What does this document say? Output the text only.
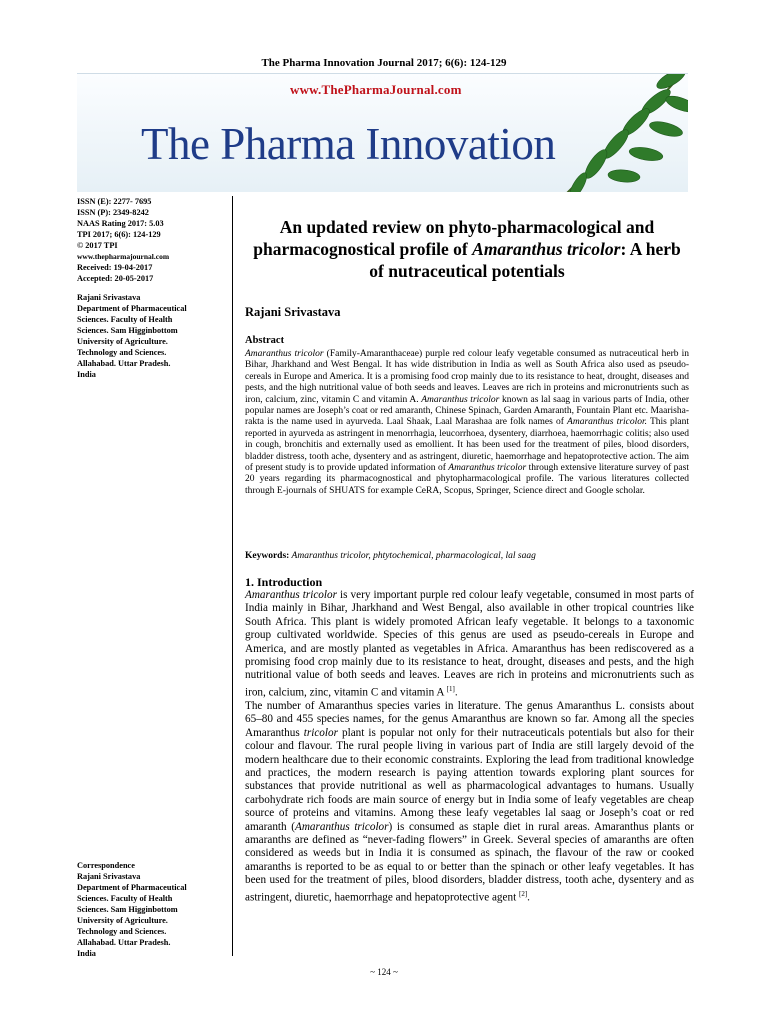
The Pharma Innovation Journal 2017; 6(6): 124-129
www.ThePharmaJournal.com
The Pharma Innovation
ISSN (E): 2277- 7695
ISSN (P): 2349-8242
NAAS Rating 2017: 5.03
TPI 2017; 6(6): 124-129
© 2017 TPI
www.thepharmajournal.com
Received: 19-04-2017
Accepted: 20-05-2017
Rajani Srivastava
Department of Pharmaceutical
Sciences. Faculty of Health
Sciences. Sam Higginbottom
University of Agriculture.
Technology and Sciences.
Allahabad. Uttar Pradesh.
India
Correspondence
Rajani Srivastava
Department of Pharmaceutical
Sciences. Faculty of Health
Sciences. Sam Higginbottom
University of Agriculture.
Technology and Sciences.
Allahabad. Uttar Pradesh.
India
An updated review on phyto-pharmacological and pharmacognostical profile of Amaranthus tricolor: A herb of nutraceutical potentials
Rajani Srivastava
Abstract
Amaranthus tricolor (Family-Amaranthaceae) purple red colour leafy vegetable consumed as nutraceutical herb in Bihar, Jharkhand and West Bengal. It has wide distribution in India as well as South Africa also used as pseudo-cereals in Europe and America. It is a promising food crop mainly due to its resistance to heat, drought, diseases and pests, and the high nutritional value of both seeds and leaves. Leaves are rich in proteins and micronutrients such as iron, calcium, zinc, vitamin C and vitamin A. Amaranthus tricolor known as lal saag in various parts of India, other popular names are Joseph’s coat or red amaranth, Chinese Spinach, Garden Amaranth, Fountain Plant etc. Maarisha-rakta is the name used in ayurveda. Laal Shaak, Laal Marashaa are folk names of Amaranthus tricolor. This plant reported in ayurveda as astringent in menorrhagia, leucorrhoea, dysentery, diarrhoea, haemorrhagic colitis; also used in cough, bronchitis and externally used as emollient. It has been used for the treatment of piles, blood disorders, bladder distress, tooth ache, dysentery and as astringent, diuretic, haemorrhage and hepatoprotective action. The aim of present study is to provide updated information of Amaranthus tricolor through extensive literature survey of past 20 years regarding its pharmacognostical and phytopharmacological profile. The various literatures collected through E-journals of SHUATS for example CeRA, Scopus, Springer, Science direct and Google scholar.
Keywords: Amaranthus tricolor, phtytochemical, pharmacological, lal saag
1. Introduction

Amaranthus tricolor is very important purple red colour leafy vegetable, consumed in most parts of India mainly in Bihar, Jharkhand and West Bengal, also available in other tropical countries like South Africa. This plant is widely promoted African leafy vegetable. It belongs to a taxonomic group cultivated worldwide. Species of this genus are used as pseudo-cereals in Europe and America, and are mostly planted as vegetables in Africa. Amaranthus has been rediscovered as a promising food crop mainly due to its resistance to heat, drought, diseases and pests, and the high nutritional value of both seeds and leaves. Leaves are rich in proteins and micronutrients such as iron, calcium, zinc, vitamin C and vitamin A [1].

The number of Amaranthus species varies in literature. The genus Amaranthus L. consists about 65–80 and 455 species names, for the genus Amaranthus are known so far. Among all the species Amaranthus tricolor plant is popular not only for their nutraceuticals potentials but also for their colour and flavour. The rural people living in various part of India are still largely devoid of the modern healthcare due to their economic constraints. Exploring the lead from traditional knowledge and practices, the modern research is paying attention towards exploring plant sources for substances that provide nutritional as well as pharmacological advantages to humans. Usually carbohydrate rich foods are main source of energy but in India some of leafy vegetables are cheap source of proteins and vitamins. Among these leafy vegetables lal saag or Joseph’s coat or red amaranth (Amaranthus tricolor) is consumed as staple diet in rural areas. Amaranthus plants or amaranths are defined as “never-fading flowers” in Greek. Several species of amaranths are often considered as weeds but in India it is consumed as spinach, the flavour of the raw or cooked amaranths is reported to be as equal to or better than the spinach or other leafy vegetables. It has been used for the treatment of piles, blood disorders, bladder distress, tooth ache, dysentery and as astringent, diuretic, haemorrhage and hepatoprotective agent [2].

~ 124 ~
